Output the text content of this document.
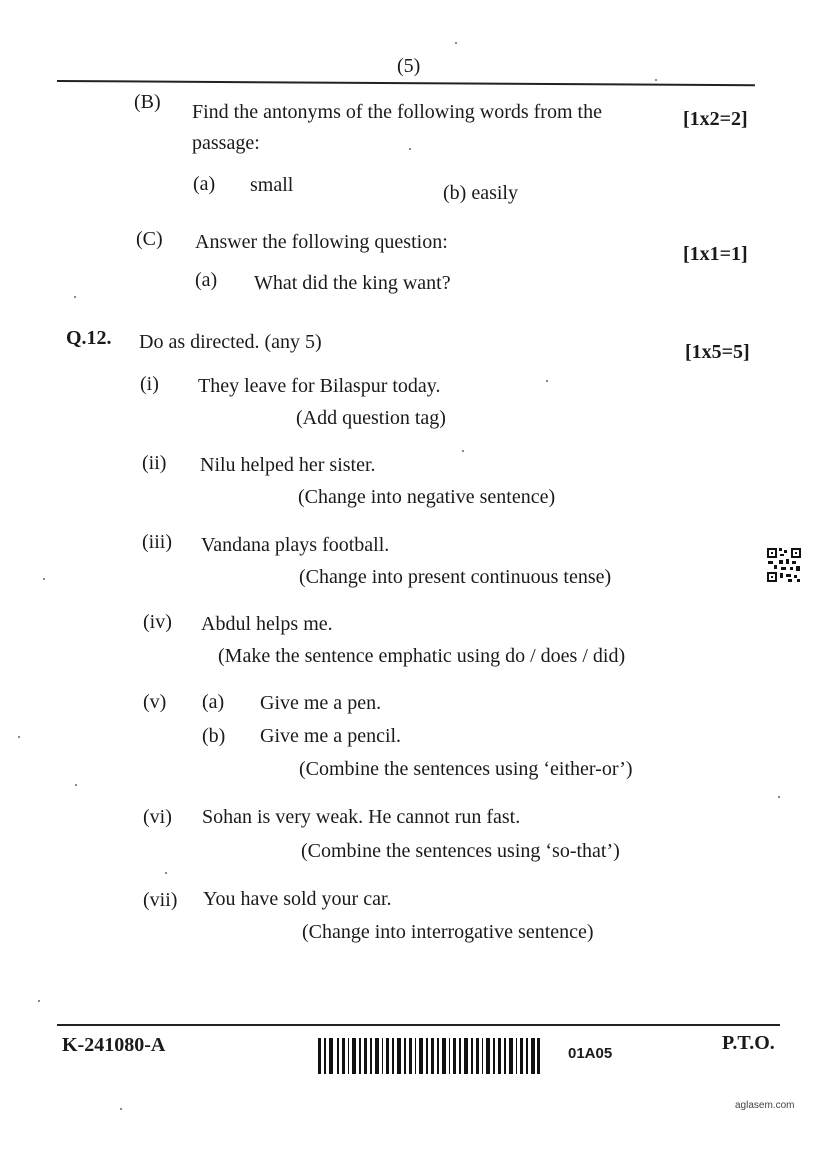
(5)
(B) Find the antonyms of the following words from the	[1x2=2]
passage:
(a) small	(b) easily
(C) Answer the following question:
[1x1=1]
(a) What did the king want?
Q.12. Do as directed. (any 5)	[1x5=5]
(i) They leave for Bilaspur today.
(Add question tag)
(ii) Nilu helped her sister.
(Change into negative sentence)
(iii) Vandana plays football.
(Change into present continuous tense)
(iv) Abdul helps me.
(Make the sentence emphatic using do / does / did)
(v) (a) Give me a pen.
(b) Give me a pencil.
(Combine the sentences using ‘either-or’)
(vi) Sohan is very weak. He cannot run fast.
(Combine the sentences using ‘so-that’)
(vii) You have sold your car.
(Change into interrogative sentence)
K-241080-A	01A05	P.T.O.
aglasem.com
